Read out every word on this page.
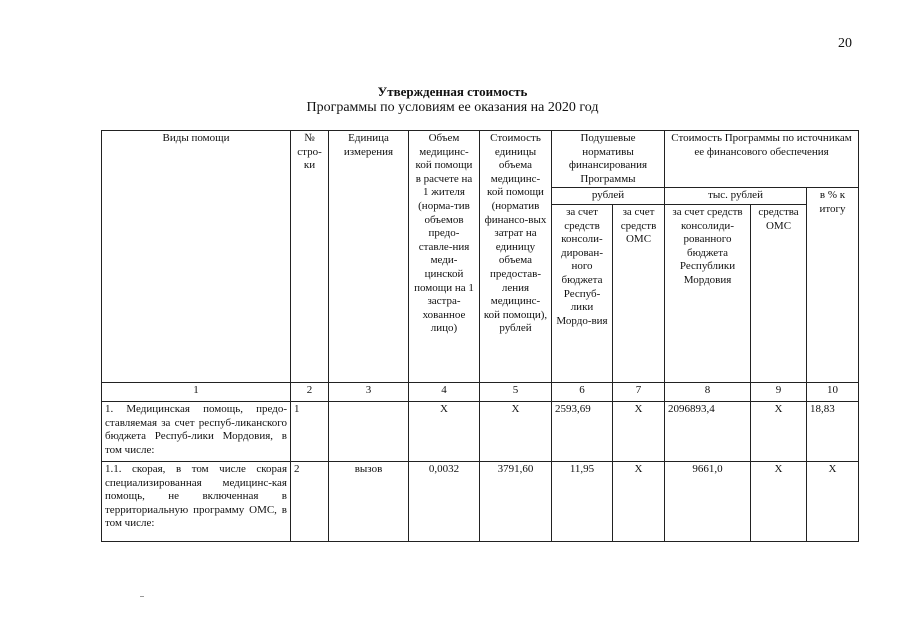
20
Утвержденная стоимость
Программы по условиям ее оказания на 2020 год
Виды помощи	№ стро-ки	Единица измерения	Объем медицинс-кой помощи в расчете на 1 жителя (норма-тив объемов предо-ставле-ния меди-цинской помощи на 1 застра-хованное лицо)	Стоимость единицы объема медицинс-кой помощи (норматив финансо-вых затрат на единицу объема предостав-ления медицинс-кой помощи), рублей	Подушевые нормативы финансирования Программы		Стоимость Программы по источникам ее финансового обеспечения		
					рублей		тыс. рублей		в % к итогу
					за счет средств консоли-дирован-ного бюджета Респуб-лики Мордо-вия	за счет средств ОМС	за счет средств консолиди-рованного бюджета Республики Мордовия	средства ОМС	
1	2	3	4	5	6	7	8	9	10
1. Медицинская помощь, предо-ставляемая за счет респуб-ликанского бюджета Респуб-лики Мордовия, в том числе:	1		Х	Х	2593,69	Х	2096893,4	Х	18,83
1.1. скорая, в том числе скорая специализированная медицинс-кая помощь, не включенная в территориальную программу ОМС, в том числе:	2	вызов	0,0032	3791,60	11,95	Х	9661,0	Х	Х
